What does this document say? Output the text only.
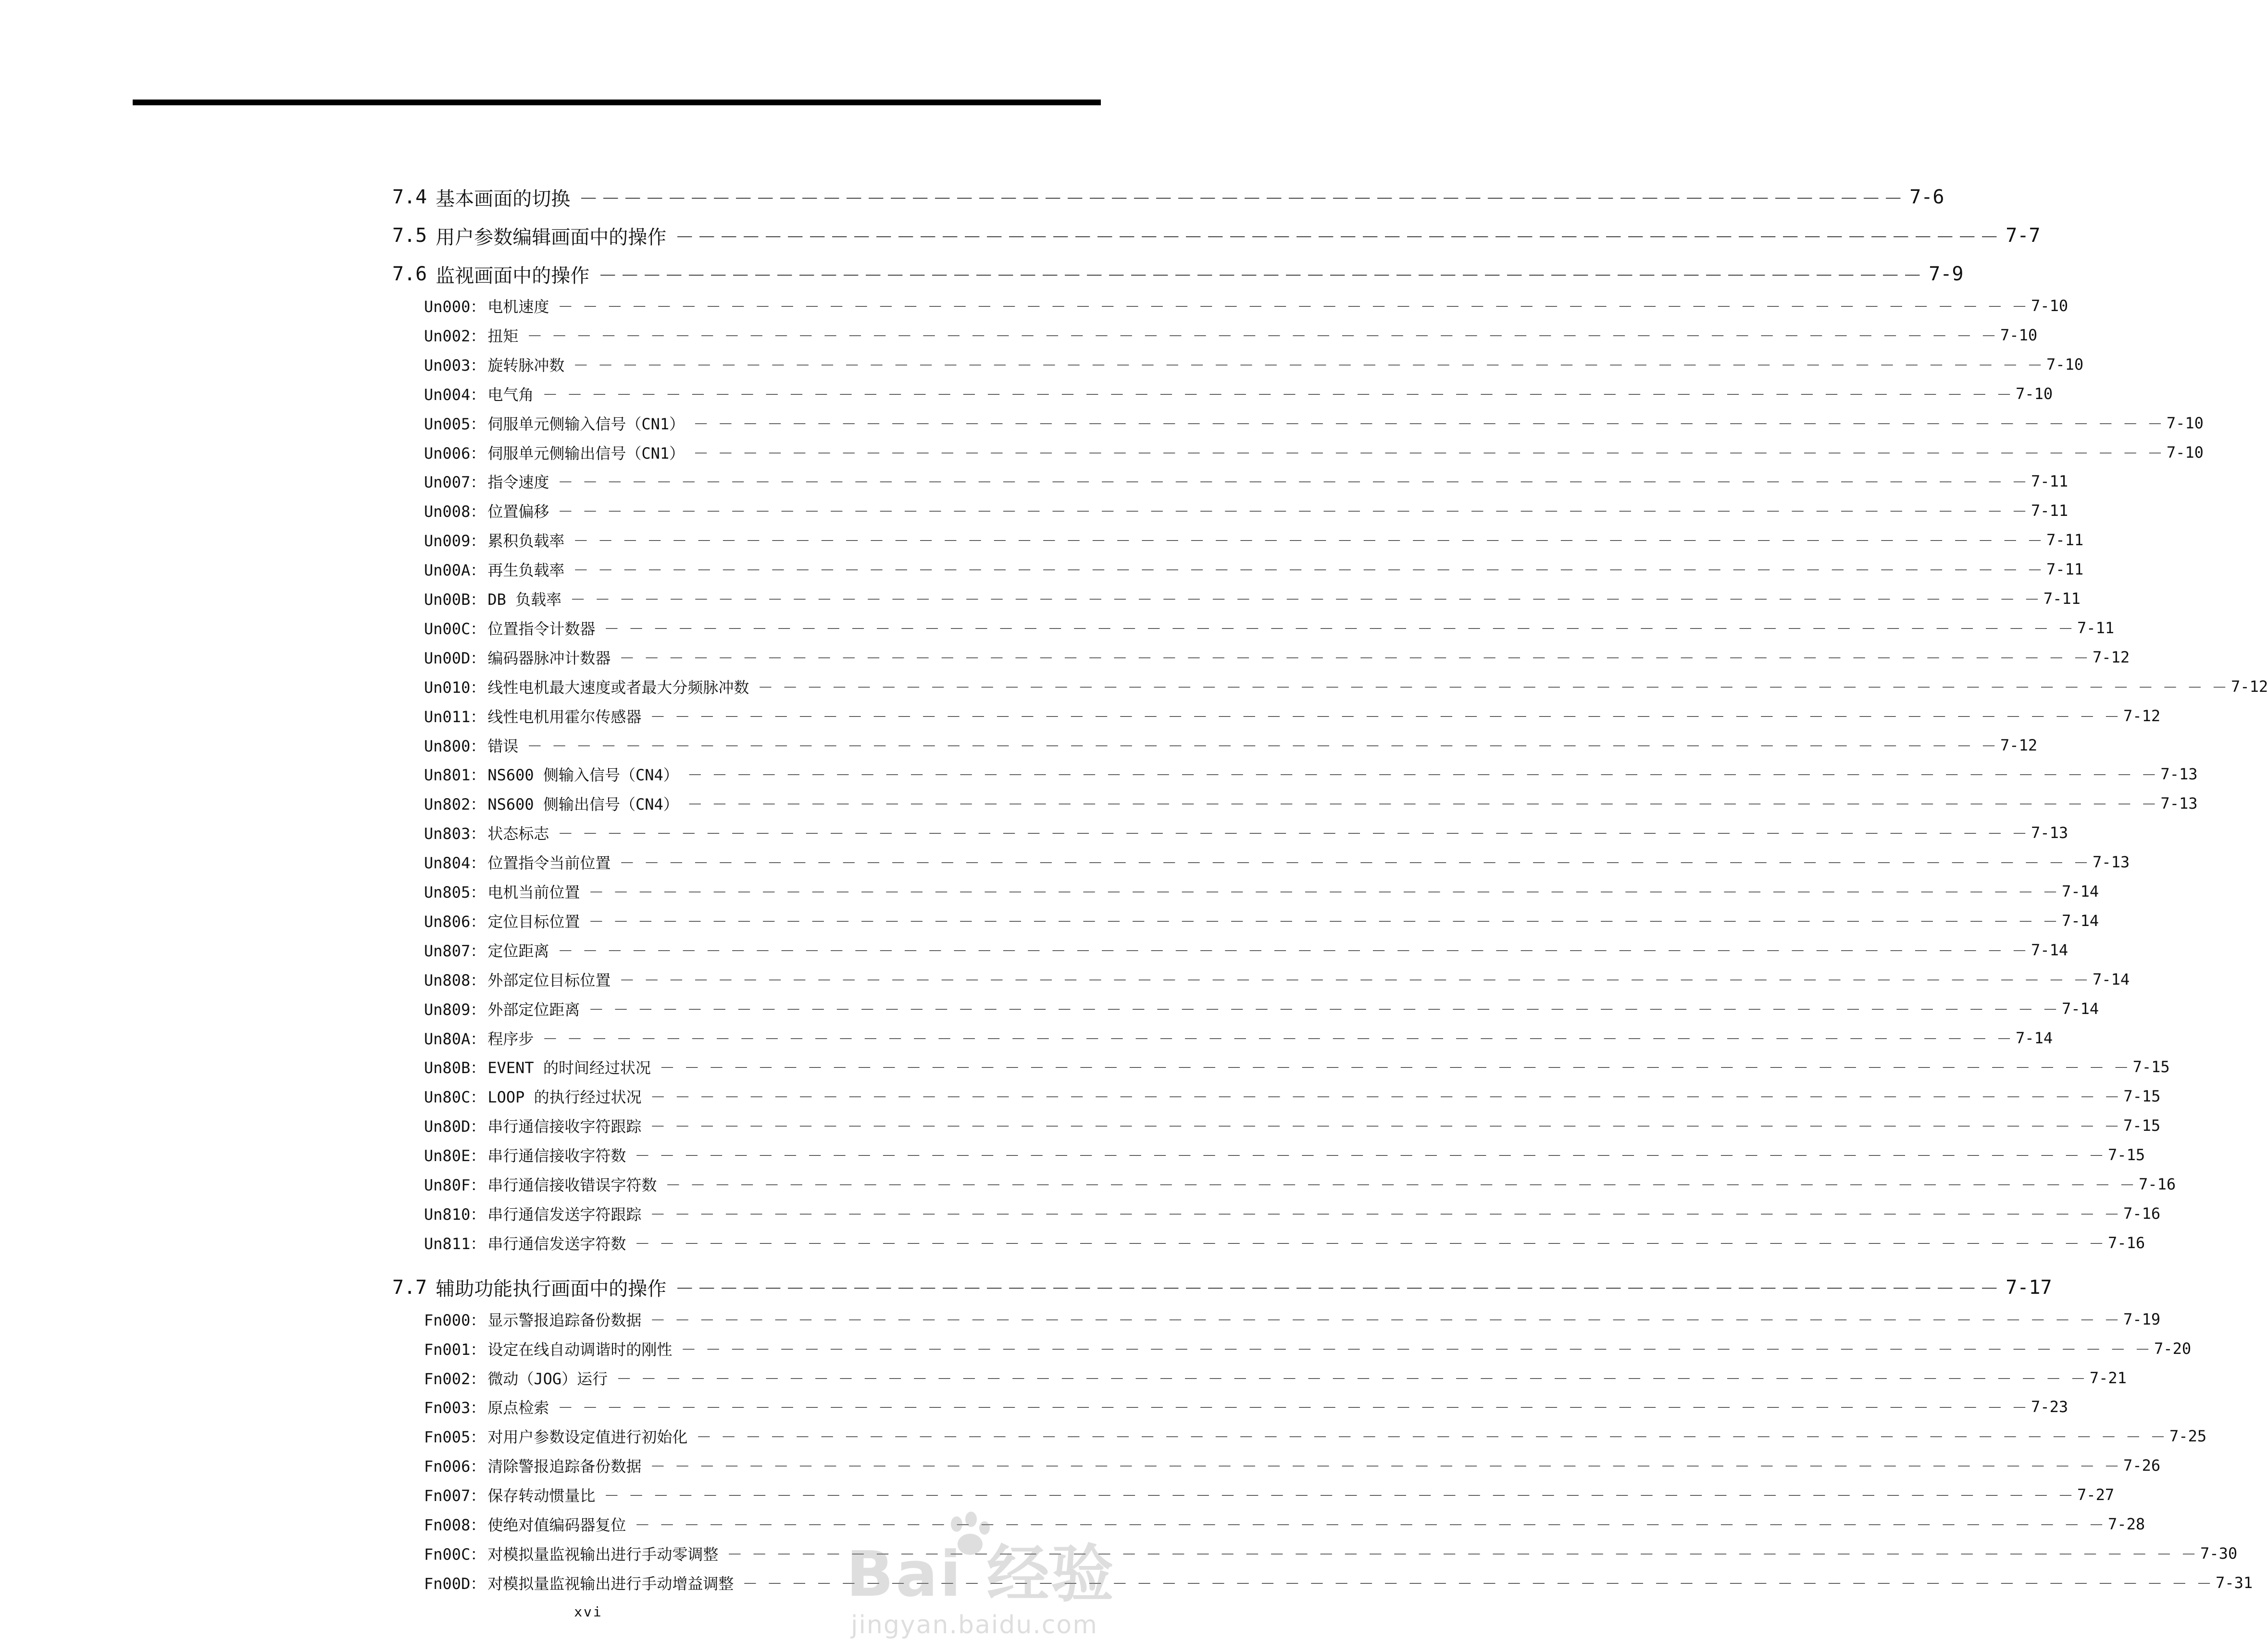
7.4 基本画面的切换 －－－－－－－－－－－－－－－－－－－－－－－－－－－－－－－－－－－－－－－－－－－－－－－－－－－－－－－－－－－－ 7-6
7.5 用户参数编辑画面中的操作 －－－－－－－－－－－－－－－－－－－－－－－－－－－－－－－－－－－－－－－－－－－－－－－－－－－－－－－－－－－－ 7-7
7.6 监视画面中的操作 －－－－－－－－－－－－－－－－－－－－－－－－－－－－－－－－－－－－－－－－－－－－－－－－－－－－－－－－－－－－ 7-9
Un000： 电机速度 － － － － － － － － － － － － － － － － － － － － － － － － － － － － － － － － － － － － － － － － － － － － － － － － － － － － － － － － － － － － 7-10
Un002： 扭矩 － － － － － － － － － － － － － － － － － － － － － － － － － － － － － － － － － － － － － － － － － － － － － － － － － － － － － － － － － － － － 7-10
Un003： 旋转脉冲数 － － － － － － － － － － － － － － － － － － － － － － － － － － － － － － － － － － － － － － － － － － － － － － － － － － － － － － － － － － － － 7-10
Un004： 电气角 － － － － － － － － － － － － － － － － － － － － － － － － － － － － － － － － － － － － － － － － － － － － － － － － － － － － － － － － － － － － 7-10
Un005： 伺服单元侧输入信号（CN1） － － － － － － － － － － － － － － － － － － － － － － － － － － － － － － － － － － － － － － － － － － － － － － － － － － － － － － － － － － － － 7-10
Un006： 伺服单元侧输出信号（CN1） － － － － － － － － － － － － － － － － － － － － － － － － － － － － － － － － － － － － － － － － － － － － － － － － － － － － － － － － － － － － 7-10
Un007： 指令速度 － － － － － － － － － － － － － － － － － － － － － － － － － － － － － － － － － － － － － － － － － － － － － － － － － － － － － － － － － － － － 7-11
Un008： 位置偏移 － － － － － － － － － － － － － － － － － － － － － － － － － － － － － － － － － － － － － － － － － － － － － － － － － － － － － － － － － － － － 7-11
Un009： 累积负载率 － － － － － － － － － － － － － － － － － － － － － － － － － － － － － － － － － － － － － － － － － － － － － － － － － － － － － － － － － － － － 7-11
Un00A： 再生负载率 － － － － － － － － － － － － － － － － － － － － － － － － － － － － － － － － － － － － － － － － － － － － － － － － － － － － － － － － － － － － 7-11
Un00B： DB 负载率 － － － － － － － － － － － － － － － － － － － － － － － － － － － － － － － － － － － － － － － － － － － － － － － － － － － － － － － － － － － － 7-11
Un00C： 位置指令计数器 － － － － － － － － － － － － － － － － － － － － － － － － － － － － － － － － － － － － － － － － － － － － － － － － － － － － － － － － － － － － 7-11
Un00D： 编码器脉冲计数器 － － － － － － － － － － － － － － － － － － － － － － － － － － － － － － － － － － － － － － － － － － － － － － － － － － － － － － － － － － － － 7-12
Un010： 线性电机最大速度或者最大分频脉冲数 － － － － － － － － － － － － － － － － － － － － － － － － － － － － － － － － － － － － － － － － － － － － － － － － － － － － － － － － － － － － 7-12
Un011： 线性电机用霍尔传感器 － － － － － － － － － － － － － － － － － － － － － － － － － － － － － － － － － － － － － － － － － － － － － － － － － － － － － － － － － － － － 7-12
Un800： 错误 － － － － － － － － － － － － － － － － － － － － － － － － － － － － － － － － － － － － － － － － － － － － － － － － － － － － － － － － － － － － 7-12
Un801： NS600 侧输入信号（CN4） － － － － － － － － － － － － － － － － － － － － － － － － － － － － － － － － － － － － － － － － － － － － － － － － － － － － － － － － － － － － 7-13
Un802： NS600 侧输出信号（CN4） － － － － － － － － － － － － － － － － － － － － － － － － － － － － － － － － － － － － － － － － － － － － － － － － － － － － － － － － － － － － 7-13
Un803： 状态标志 － － － － － － － － － － － － － － － － － － － － － － － － － － － － － － － － － － － － － － － － － － － － － － － － － － － － － － － － － － － － 7-13
Un804： 位置指令当前位置 － － － － － － － － － － － － － － － － － － － － － － － － － － － － － － － － － － － － － － － － － － － － － － － － － － － － － － － － － － － － 7-13
Un805： 电机当前位置 － － － － － － － － － － － － － － － － － － － － － － － － － － － － － － － － － － － － － － － － － － － － － － － － － － － － － － － － － － － － 7-14
Un806： 定位目标位置 － － － － － － － － － － － － － － － － － － － － － － － － － － － － － － － － － － － － － － － － － － － － － － － － － － － － － － － － － － － － 7-14
Un807： 定位距离 － － － － － － － － － － － － － － － － － － － － － － － － － － － － － － － － － － － － － － － － － － － － － － － － － － － － － － － － － － － － 7-14
Un808： 外部定位目标位置 － － － － － － － － － － － － － － － － － － － － － － － － － － － － － － － － － － － － － － － － － － － － － － － － － － － － － － － － － － － － 7-14
Un809： 外部定位距离 － － － － － － － － － － － － － － － － － － － － － － － － － － － － － － － － － － － － － － － － － － － － － － － － － － － － － － － － － － － － 7-14
Un80A： 程序步 － － － － － － － － － － － － － － － － － － － － － － － － － － － － － － － － － － － － － － － － － － － － － － － － － － － － － － － － － － － － 7-14
Un80B： EVENT 的时间经过状况 － － － － － － － － － － － － － － － － － － － － － － － － － － － － － － － － － － － － － － － － － － － － － － － － － － － － － － － － － － － － 7-15
Un80C： LOOP 的执行经过状况 － － － － － － － － － － － － － － － － － － － － － － － － － － － － － － － － － － － － － － － － － － － － － － － － － － － － － － － － － － － － 7-15
Un80D： 串行通信接收字符跟踪 － － － － － － － － － － － － － － － － － － － － － － － － － － － － － － － － － － － － － － － － － － － － － － － － － － － － － － － － － － － － 7-15
Un80E： 串行通信接收字符数 － － － － － － － － － － － － － － － － － － － － － － － － － － － － － － － － － － － － － － － － － － － － － － － － － － － － － － － － － － － － 7-15
Un80F： 串行通信接收错误字符数 － － － － － － － － － － － － － － － － － － － － － － － － － － － － － － － － － － － － － － － － － － － － － － － － － － － － － － － － － － － － 7-16
Un810： 串行通信发送字符跟踪 － － － － － － － － － － － － － － － － － － － － － － － － － － － － － － － － － － － － － － － － － － － － － － － － － － － － － － － － － － － － 7-16
Un811： 串行通信发送字符数 － － － － － － － － － － － － － － － － － － － － － － － － － － － － － － － － － － － － － － － － － － － － － － － － － － － － － － － － － － － － 7-16
7.7 辅助功能执行画面中的操作 －－－－－－－－－－－－－－－－－－－－－－－－－－－－－－－－－－－－－－－－－－－－－－－－－－－－－－－－－－－－ 7-17
Fn000： 显示警报追踪备份数据 － － － － － － － － － － － － － － － － － － － － － － － － － － － － － － － － － － － － － － － － － － － － － － － － － － － － － － － － － － － － 7-19
Fn001： 设定在线自动调谐时的刚性 － － － － － － － － － － － － － － － － － － － － － － － － － － － － － － － － － － － － － － － － － － － － － － － － － － － － － － － － － － － － 7-20
Fn002： 微动（JOG）运行 － － － － － － － － － － － － － － － － － － － － － － － － － － － － － － － － － － － － － － － － － － － － － － － － － － － － － － － － － － － － 7-21
Fn003： 原点检索 － － － － － － － － － － － － － － － － － － － － － － － － － － － － － － － － － － － － － － － － － － － － － － － － － － － － － － － － － － － － 7-23
Fn005： 对用户参数设定值进行初始化 － － － － － － － － － － － － － － － － － － － － － － － － － － － － － － － － － － － － － － － － － － － － － － － － － － － － － － － － － － － － 7-25
Fn006： 清除警报追踪备份数据 － － － － － － － － － － － － － － － － － － － － － － － － － － － － － － － － － － － － － － － － － － － － － － － － － － － － － － － － － － － － 7-26
Fn007： 保存转动惯量比 － － － － － － － － － － － － － － － － － － － － － － － － － － － － － － － － － － － － － － － － － － － － － － － － － － － － － － － － － － － － 7-27
Fn008： 使绝对值编码器复位 － － － － － － － － － － － － － － － － － － － － － － － － － － － － － － － － － － － － － － － － － － － － － － － － － － － － － － － － － － － － 7-28
Fn00C： 对模拟量监视输出进行手动零调整 － － － － － － － － － － － － － － － － － － － － － － － － － － － － － － － － － － － － － － － － － － － － － － － － － － － － － － － － － － － － 7-30
Fn00D： 对模拟量监视输出进行手动增益调整 － － － － － － － － － － － － － － － － － － － － － － － － － － － － － － － － － － － － － － － － － － － － － － － － － － － － － － － － － － － － 7-31
xvi
Bai 经验
jingyan.baidu.com
